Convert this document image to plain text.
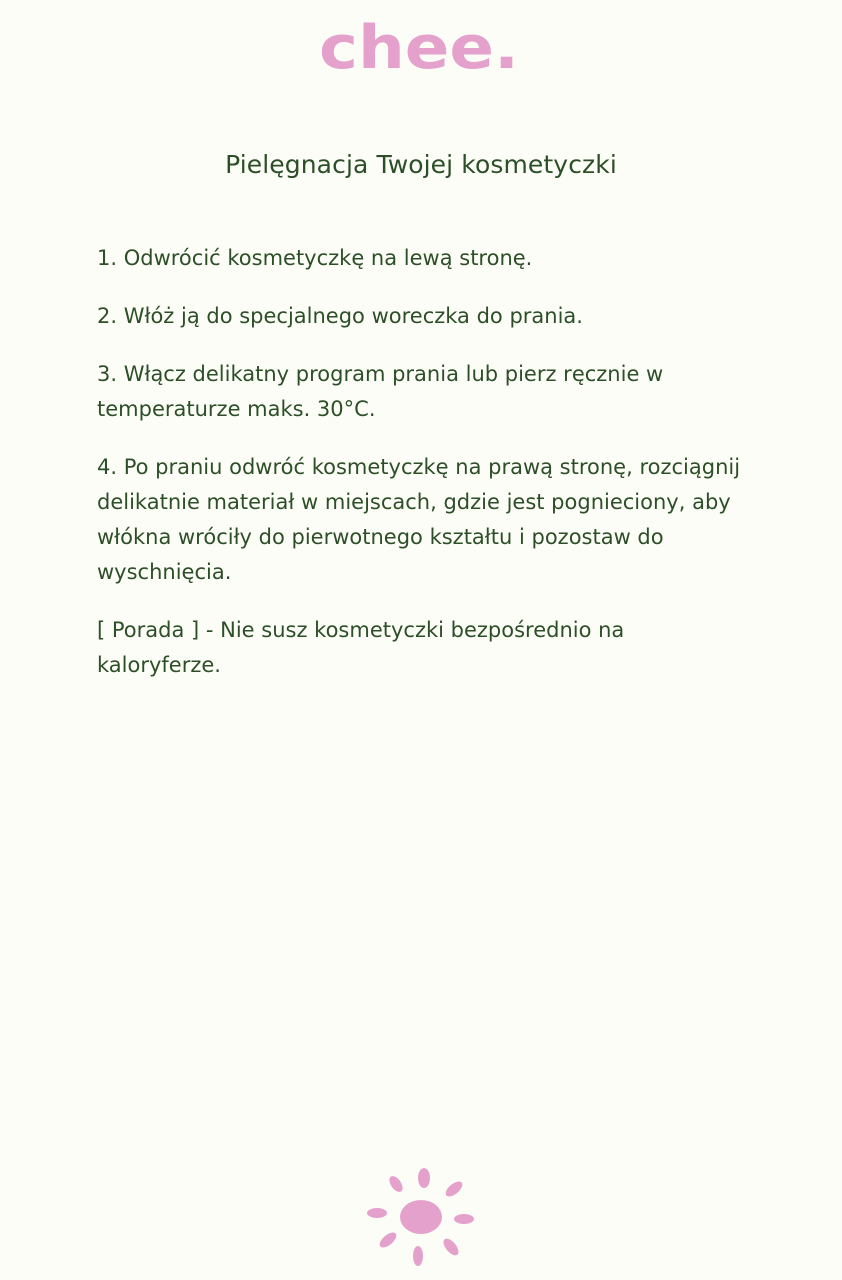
chee.
Pielęgnacja Twojej kosmetyczki

1. Odwrócić kosmetyczkę na lewą stronę.

2. Włóż ją do specjalnego woreczka do prania.

3. Włącz delikatny program prania lub pierz ręcznie w temperaturze maks. 30°C.

4. Po praniu odwróć kosmetyczkę na prawą stronę, rozciągnij delikatnie materiał w miejscach, gdzie jest pognieciony, aby włókna wróciły do pierwotnego kształtu i pozostaw do wyschnięcia.

[ Porada ] - Nie susz kosmetyczki bezpośrednio na kaloryferze.
